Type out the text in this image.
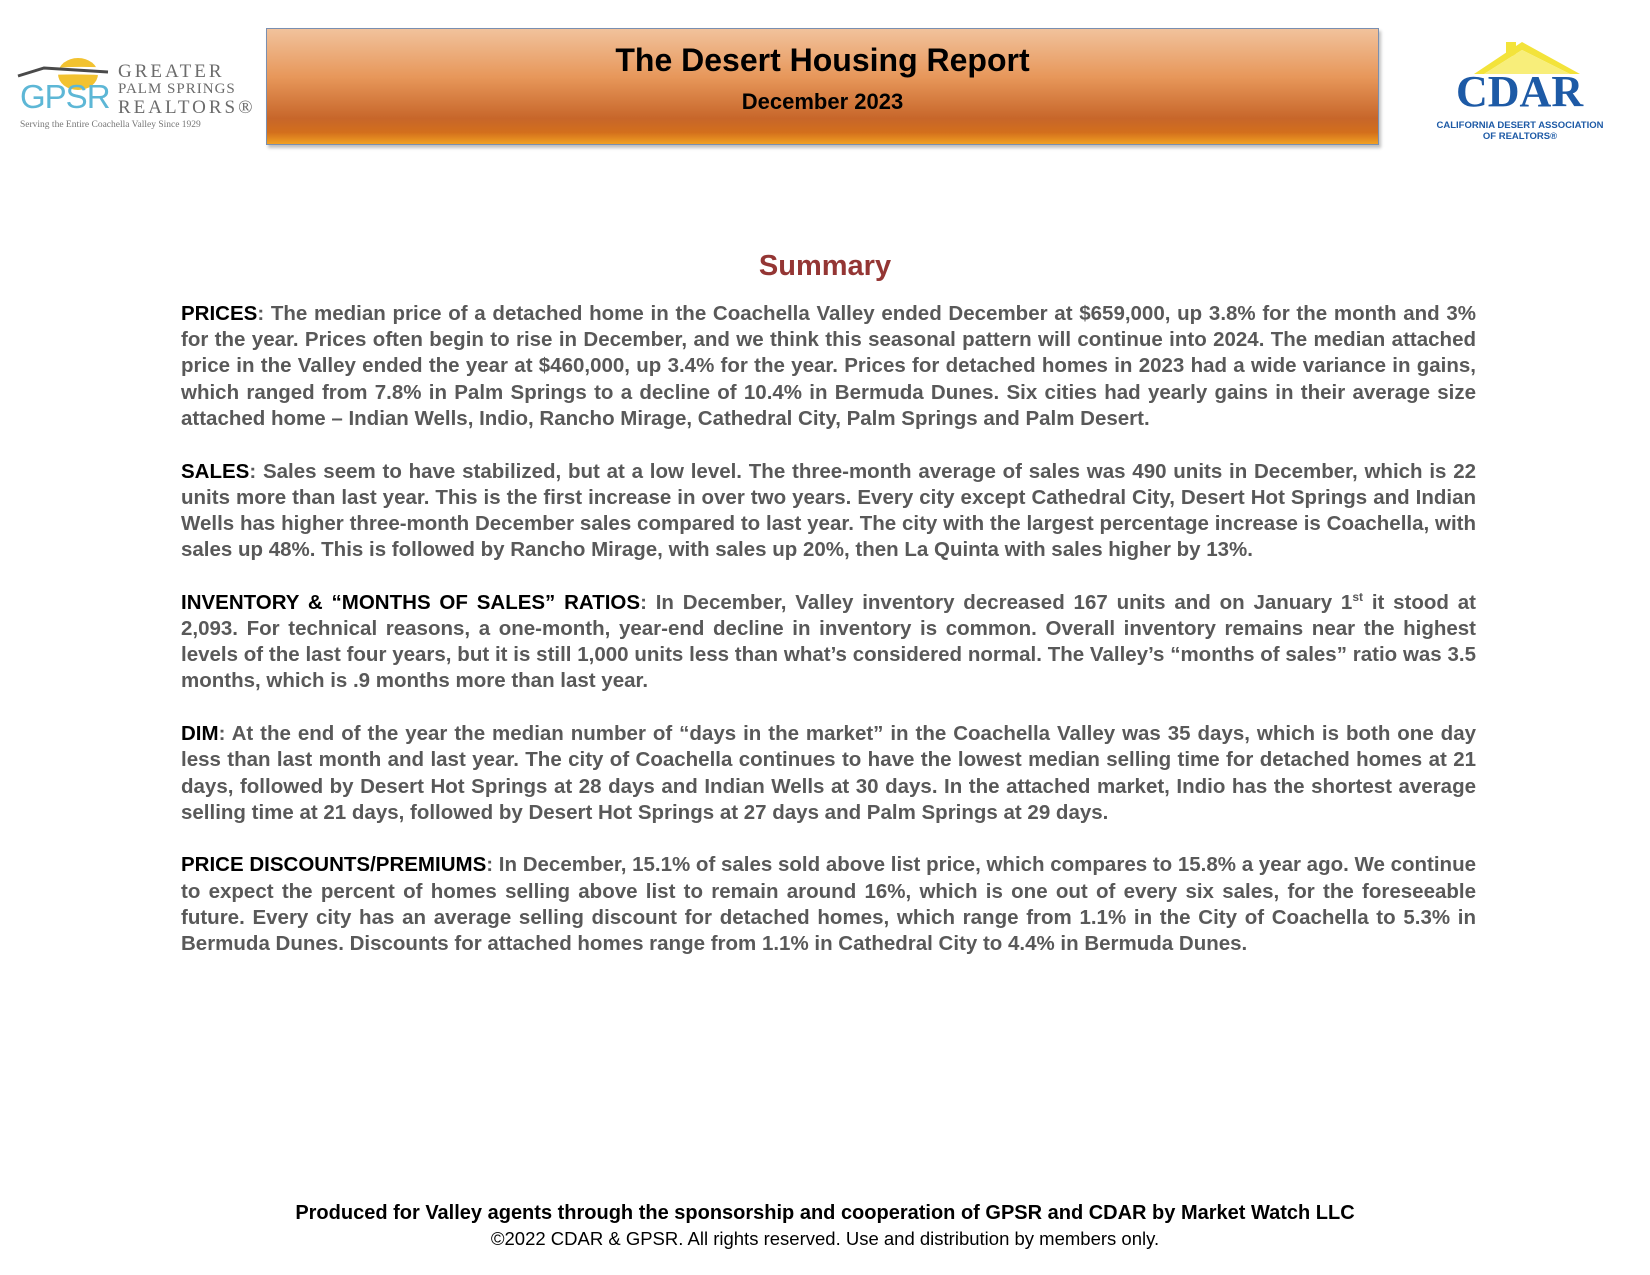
GPSR
GREATER
PALM SPRINGS
REALTORS®
Serving the Entire Coachella Valley Since 1929
The Desert Housing Report
December 2023	CDAR
CALIFORNIA DESERT ASSOCIATION
OF REALTORS®
Summary

PRICES: The median price of a detached home in the Coachella Valley ended December at $659,000, up 3.8% for the month and 3% for the year. Prices often begin to rise in December, and we think this seasonal pattern will continue into 2024. The median attached price in the Valley ended the year at $460,000, up 3.4% for the year. Prices for detached homes in 2023 had a wide variance in gains, which ranged from 7.8% in Palm Springs to a decline of 10.4% in Bermuda Dunes. Six cities had yearly gains in their average size attached home – Indian Wells, Indio, Rancho Mirage, Cathedral City, Palm Springs and Palm Desert.

SALES: Sales seem to have stabilized, but at a low level. The three-month average of sales was 490 units in December, which is 22 units more than last year. This is the first increase in over two years. Every city except Cathedral City, Desert Hot Springs and Indian Wells has higher three-month December sales compared to last year. The city with the largest percentage increase is Coachella, with sales up 48%. This is followed by Rancho Mirage, with sales up 20%, then La Quinta with sales higher by 13%.

INVENTORY & “MONTHS OF SALES” RATIOS: In December, Valley inventory decreased 167 units and on January 1st it stood at 2,093. For technical reasons, a one-month, year-end decline in inventory is common. Overall inventory remains near the highest levels of the last four years, but it is still 1,000 units less than what’s considered normal. The Valley’s “months of sales” ratio was 3.5 months, which is .9 months more than last year.

DIM: At the end of the year the median number of “days in the market” in the Coachella Valley was 35 days, which is both one day less than last month and last year. The city of Coachella continues to have the lowest median selling time for detached homes at 21 days, followed by Desert Hot Springs at 28 days and Indian Wells at 30 days. In the attached market, Indio has the shortest average selling time at 21 days, followed by Desert Hot Springs at 27 days and Palm Springs at 29 days.

PRICE DISCOUNTS/PREMIUMS: In December, 15.1% of sales sold above list price, which compares to 15.8% a year ago. We continue to expect the percent of homes selling above list to remain around 16%, which is one out of every six sales, for the foreseeable future. Every city has an average selling discount for detached homes, which range from 1.1% in the City of Coachella to 5.3% in Bermuda Dunes. Discounts for attached homes range from 1.1% in Cathedral City to 4.4% in Bermuda Dunes.

Produced for Valley agents through the sponsorship and cooperation of GPSR and CDAR by Market Watch LLC
©2022 CDAR & GPSR. All rights reserved. Use and distribution by members only.
